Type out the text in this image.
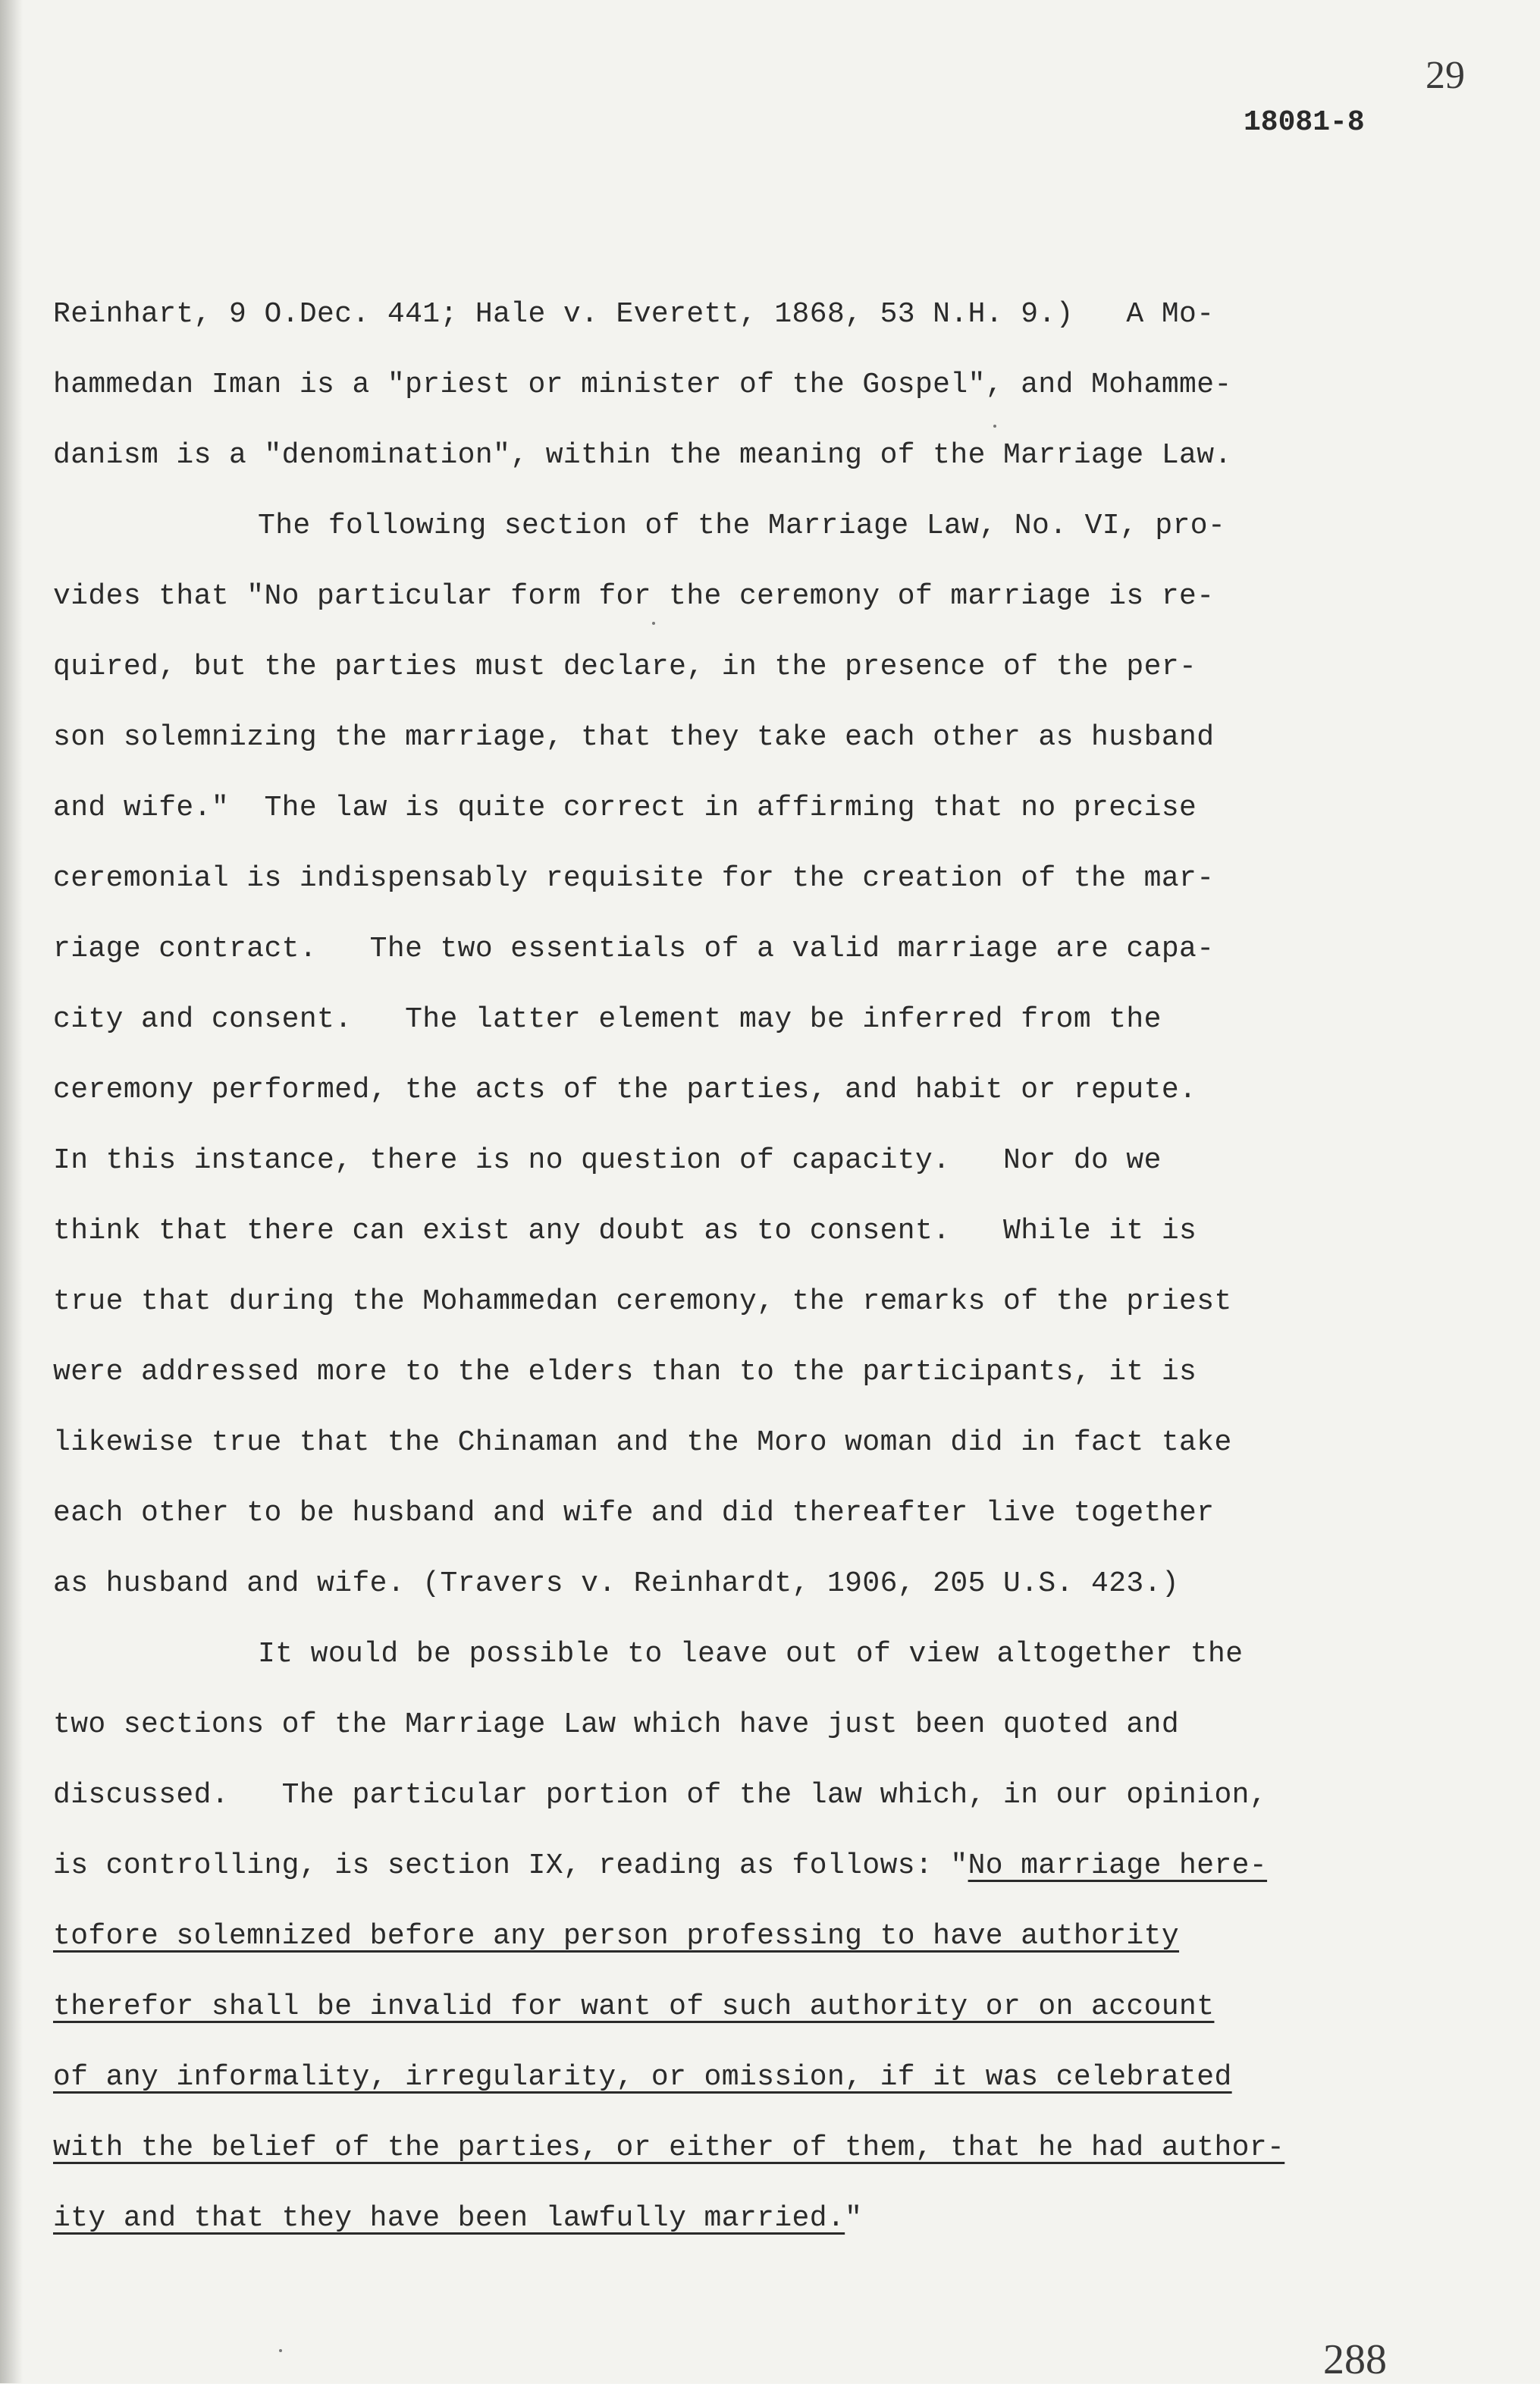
29
18081-8
Reinhart, 9 O.Dec. 441; Hale v. Everett, 1868, 53 N.H. 9.)   A Mo-
hammedan Iman is a "priest or minister of the Gospel", and Mohamme-
danism is a "denomination", within the meaning of the Marriage Law.
The following section of the Marriage Law, No. VI, pro-
vides that "No particular form for the ceremony of marriage is re-
quired, but the parties must declare, in the presence of the per-
son solemnizing the marriage, that they take each other as husband
and wife."  The law is quite correct in affirming that no precise
ceremonial is indispensably requisite for the creation of the mar-
riage contract.   The two essentials of a valid marriage are capa-
city and consent.   The latter element may be inferred from the
ceremony performed, the acts of the parties, and habit or repute.
In this instance, there is no question of capacity.   Nor do we
think that there can exist any doubt as to consent.   While it is
true that during the Mohammedan ceremony, the remarks of the priest
were addressed more to the elders than to the participants, it is
likewise true that the Chinaman and the Moro woman did in fact take
each other to be husband and wife and did thereafter live together
as husband and wife. (Travers v. Reinhardt, 1906, 205 U.S. 423.)
It would be possible to leave out of view altogether the
two sections of the Marriage Law which have just been quoted and
discussed.   The particular portion of the law which, in our opinion,
is controlling, is section IX, reading as follows: "No marriage here-
tofore solemnized before any person professing to have authority
therefor shall be invalid for want of such authority or on account
of any informality, irregularity, or omission, if it was celebrated
with the belief of the parties, or either of them, that he had author-
ity and that they have been lawfully married."
288
